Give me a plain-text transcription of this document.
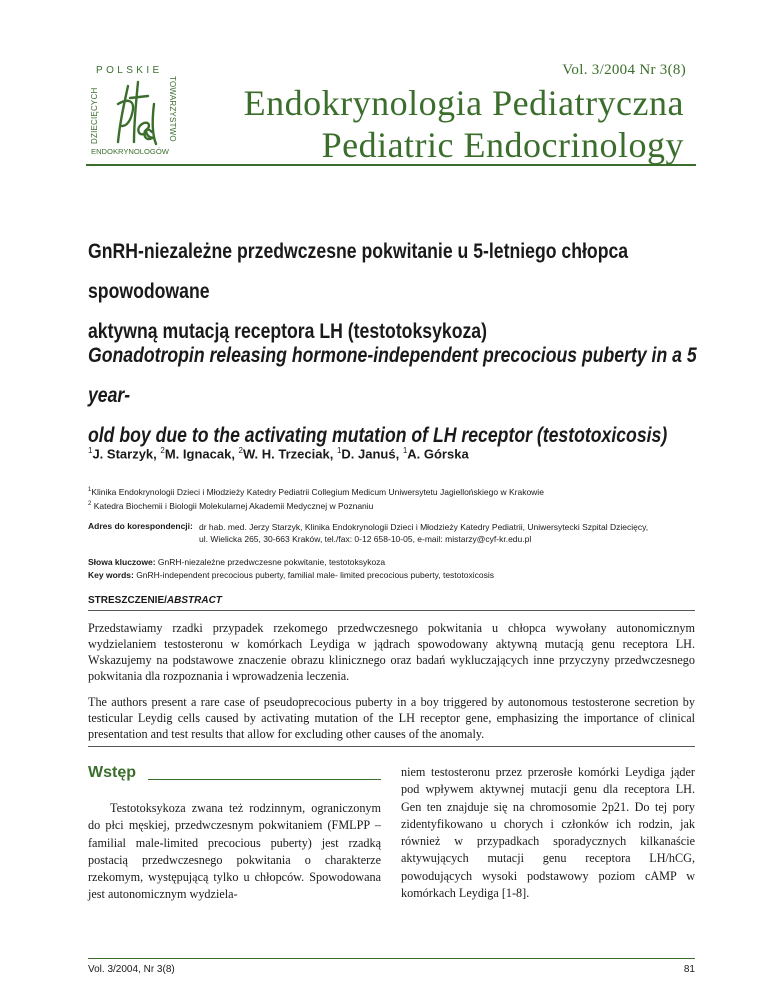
POLSKIE
DZIECIĘCYCH	TOWARZYSTWO
ENDOKRYNOLOGÓW
Vol. 3/2004 Nr 3(8)
Endokrynologia Pediatryczna
Pediatric Endocrinology
GnRH-niezależne przedwczesne pokwitanie u 5-letniego chłopca spowodowane
aktywną mutacją receptora LH (testotoksykoza)
Gonadotropin releasing hormone-independent precocious puberty in a 5 year-
old boy due to the activating mutation of LH receptor (testotoxicosis)
$^1$J. Starzyk, $^2$M. Ignacak, $^2$W. H. Trzeciak, $^1$D. Januś, $^1$A. Górska
$^1$Klinika Endokrynologii Dzieci i Młodzieży Katedry Pediatrii Collegium Medicum Uniwersytetu Jagiellońskiego w Krakowie
$^2$ Katedra Biochemii i Biologii Molekularnej Akademii Medycznej w Poznaniu
Adres do korespondencji: dr hab. med. Jerzy Starzyk, Klinika Endokrynologii Dzieci i Młodzieży Katedry Pediatrii, Uniwersytecki Szpital Dziecięcy,
ul. Wielicka 265, 30-663 Kraków, tel./fax: 0-12 658-10-05, e-mail: mistarzy@cyf-kr.edu.pl
Słowa kluczowe: GnRH-niezależne przedwczesne pokwitanie, testotoksykoza
Key words: GnRH-independent precocious puberty, familial male- limited precocious puberty, testotoxicosis
STRESZCZENIE/ABSTRACT
Przedstawiamy rzadki przypadek rzekomego przedwczesnego pokwitania u chłopca wywołany autonomicznym wydzielaniem testosteronu w komórkach Leydiga w jądrach spowodowany aktywną mutacją genu receptora LH. Wskazujemy na podstawowe znaczenie obrazu klinicznego oraz badań wykluczających inne przyczyny przedwczesnego pokwitania dla rozpoznania i wprowadzenia leczenia.
The authors present a rare case of pseudoprecocious puberty in a boy triggered by autonomous testosterone secretion by testicular Leydig cells caused by activating mutation of the LH receptor gene, emphasizing the importance of clinical presentation and test results that allow for excluding other causes of the anomaly.
Wstęp

Testotoksykoza zwana też rodzinnym, ograniczonym do płci męskiej, przedwczesnym pokwitaniem (FMLPP – familial male-limited precocious puberty) jest rzadką postacią przedwczesnego pokwitania o charakterze rzekomym, występującą tylko u chłopców. Spowodowana jest autonomicznym wydziela-

niem testosteronu przez przerosłe komórki Leydiga jąder pod wpływem aktywnej mutacji genu dla receptora LH. Gen ten znajduje się na chromosomie 2p21. Do tej pory zidentyfikowano u chorych i członków ich rodzin, jak również w przypadkach sporadycznych kilkanaście aktywujących mutacji genu receptora LH/hCG, powodujących wysoki podstawowy poziom cAMP w komórkach Leydiga [1-8].

Vol. 3/2004, Nr 3(8)	81
